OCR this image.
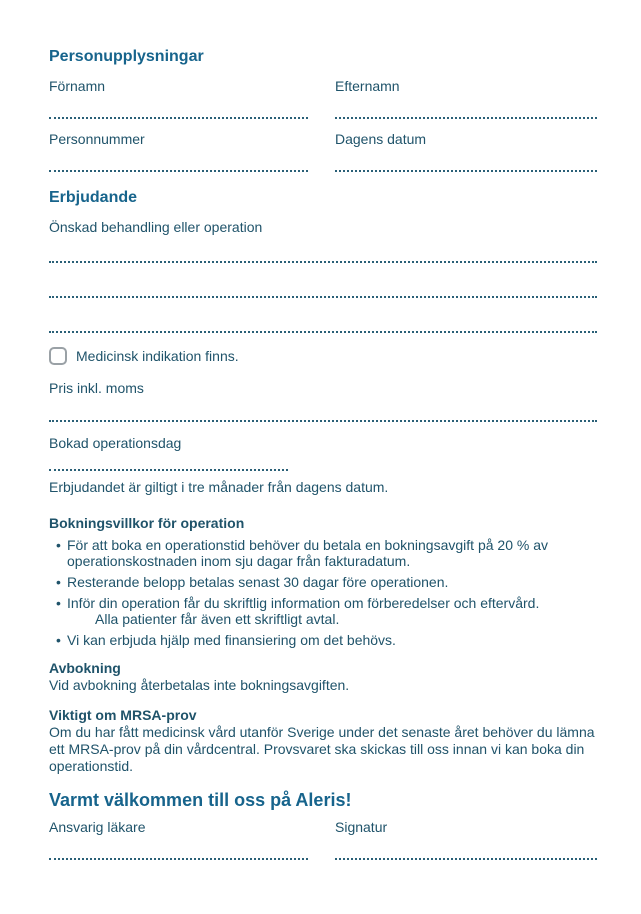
Personupplysningar
Förnamn	Efternamn
Personnummer	Dagens datum
Erbjudande
Önskad behandling eller operation
Medicinsk indikation finns.
Pris inkl. moms
Bokad operationsdag
Erbjudandet är giltigt i tre månader från dagens datum.
Bokningsvillkor för operation
• För att boka en operationstid behöver du betala en bokningsavgift på 20 % av operationskostnaden inom sju dagar från fakturadatum.
• Resterande belopp betalas senast 30 dagar före operationen.
• Inför din operation får du skriftlig information om förberedelser och eftervård.
Alla patienter får även ett skriftligt avtal.
• Vi kan erbjuda hjälp med finansiering om det behövs.
Avbokning
Vid avbokning återbetalas inte bokningsavgiften.
Viktigt om MRSA-prov
Om du har fått medicinsk vård utanför Sverige under det senaste året behöver du lämna ett MRSA-prov på din vårdcentral. Provsvaret ska skickas till oss innan vi kan boka din operationstid.
Varmt välkommen till oss på Aleris!
Ansvarig läkare	Signatur
